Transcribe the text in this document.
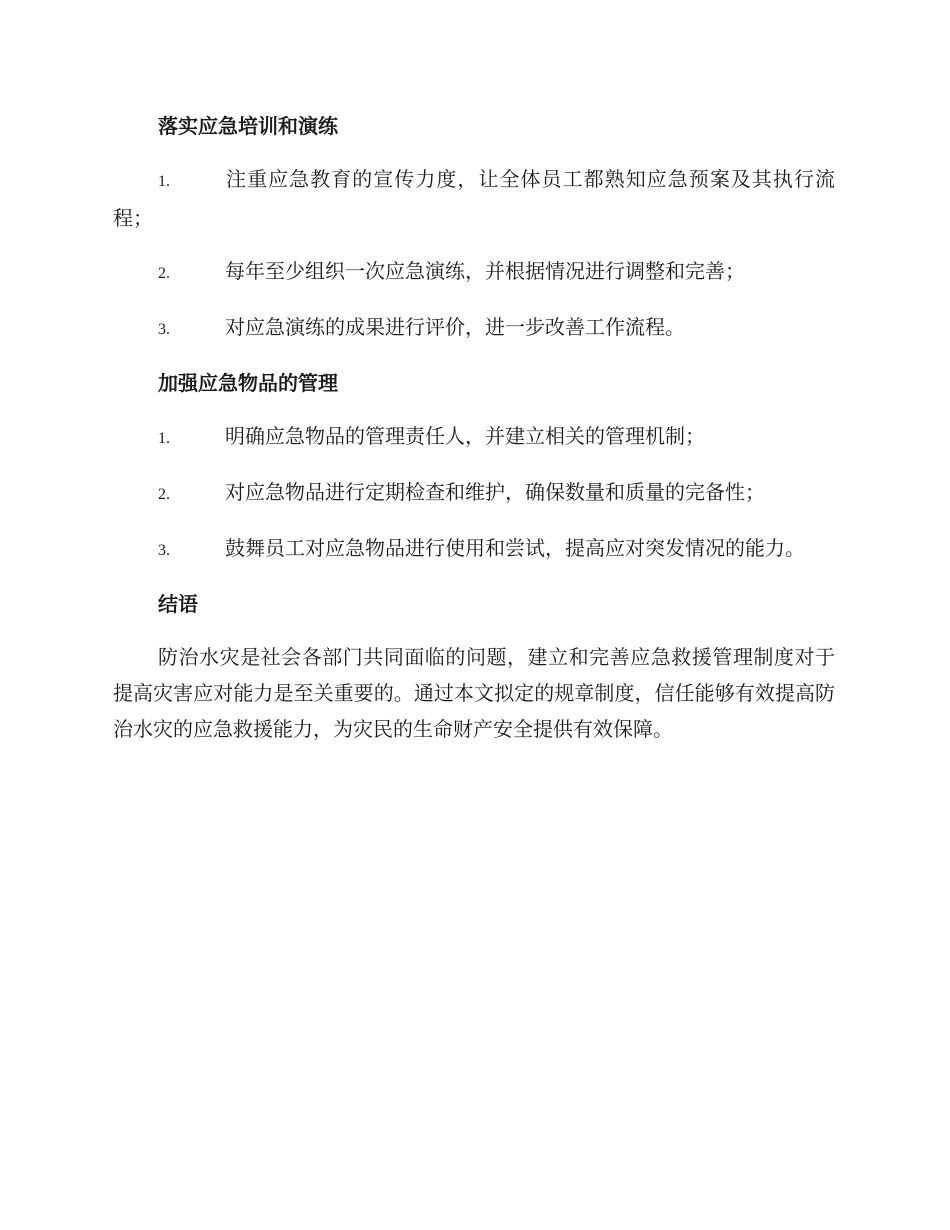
落实应急培训和演练
1.	注重应急教育的宣传力度，让全体员工都熟知应急预案及其执行流程；
2.	每年至少组织一次应急演练，并根据情况进行调整和完善；
3.	对应急演练的成果进行评价，进一步改善工作流程。
加强应急物品的管理
1.	明确应急物品的管理责任人，并建立相关的管理机制；
2.	对应急物品进行定期检查和维护，确保数量和质量的完备性；
3.	鼓舞员工对应急物品进行使用和尝试，提高应对突发情况的能力。
结语

防治水灾是社会各部门共同面临的问题，建立和完善应急救援管理制度对于提高灾害应对能力是至关重要的。通过本文拟定的规章制度，信任能够有效提高防治水灾的应急救援能力，为灾民的生命财产安全提供有效保障。
